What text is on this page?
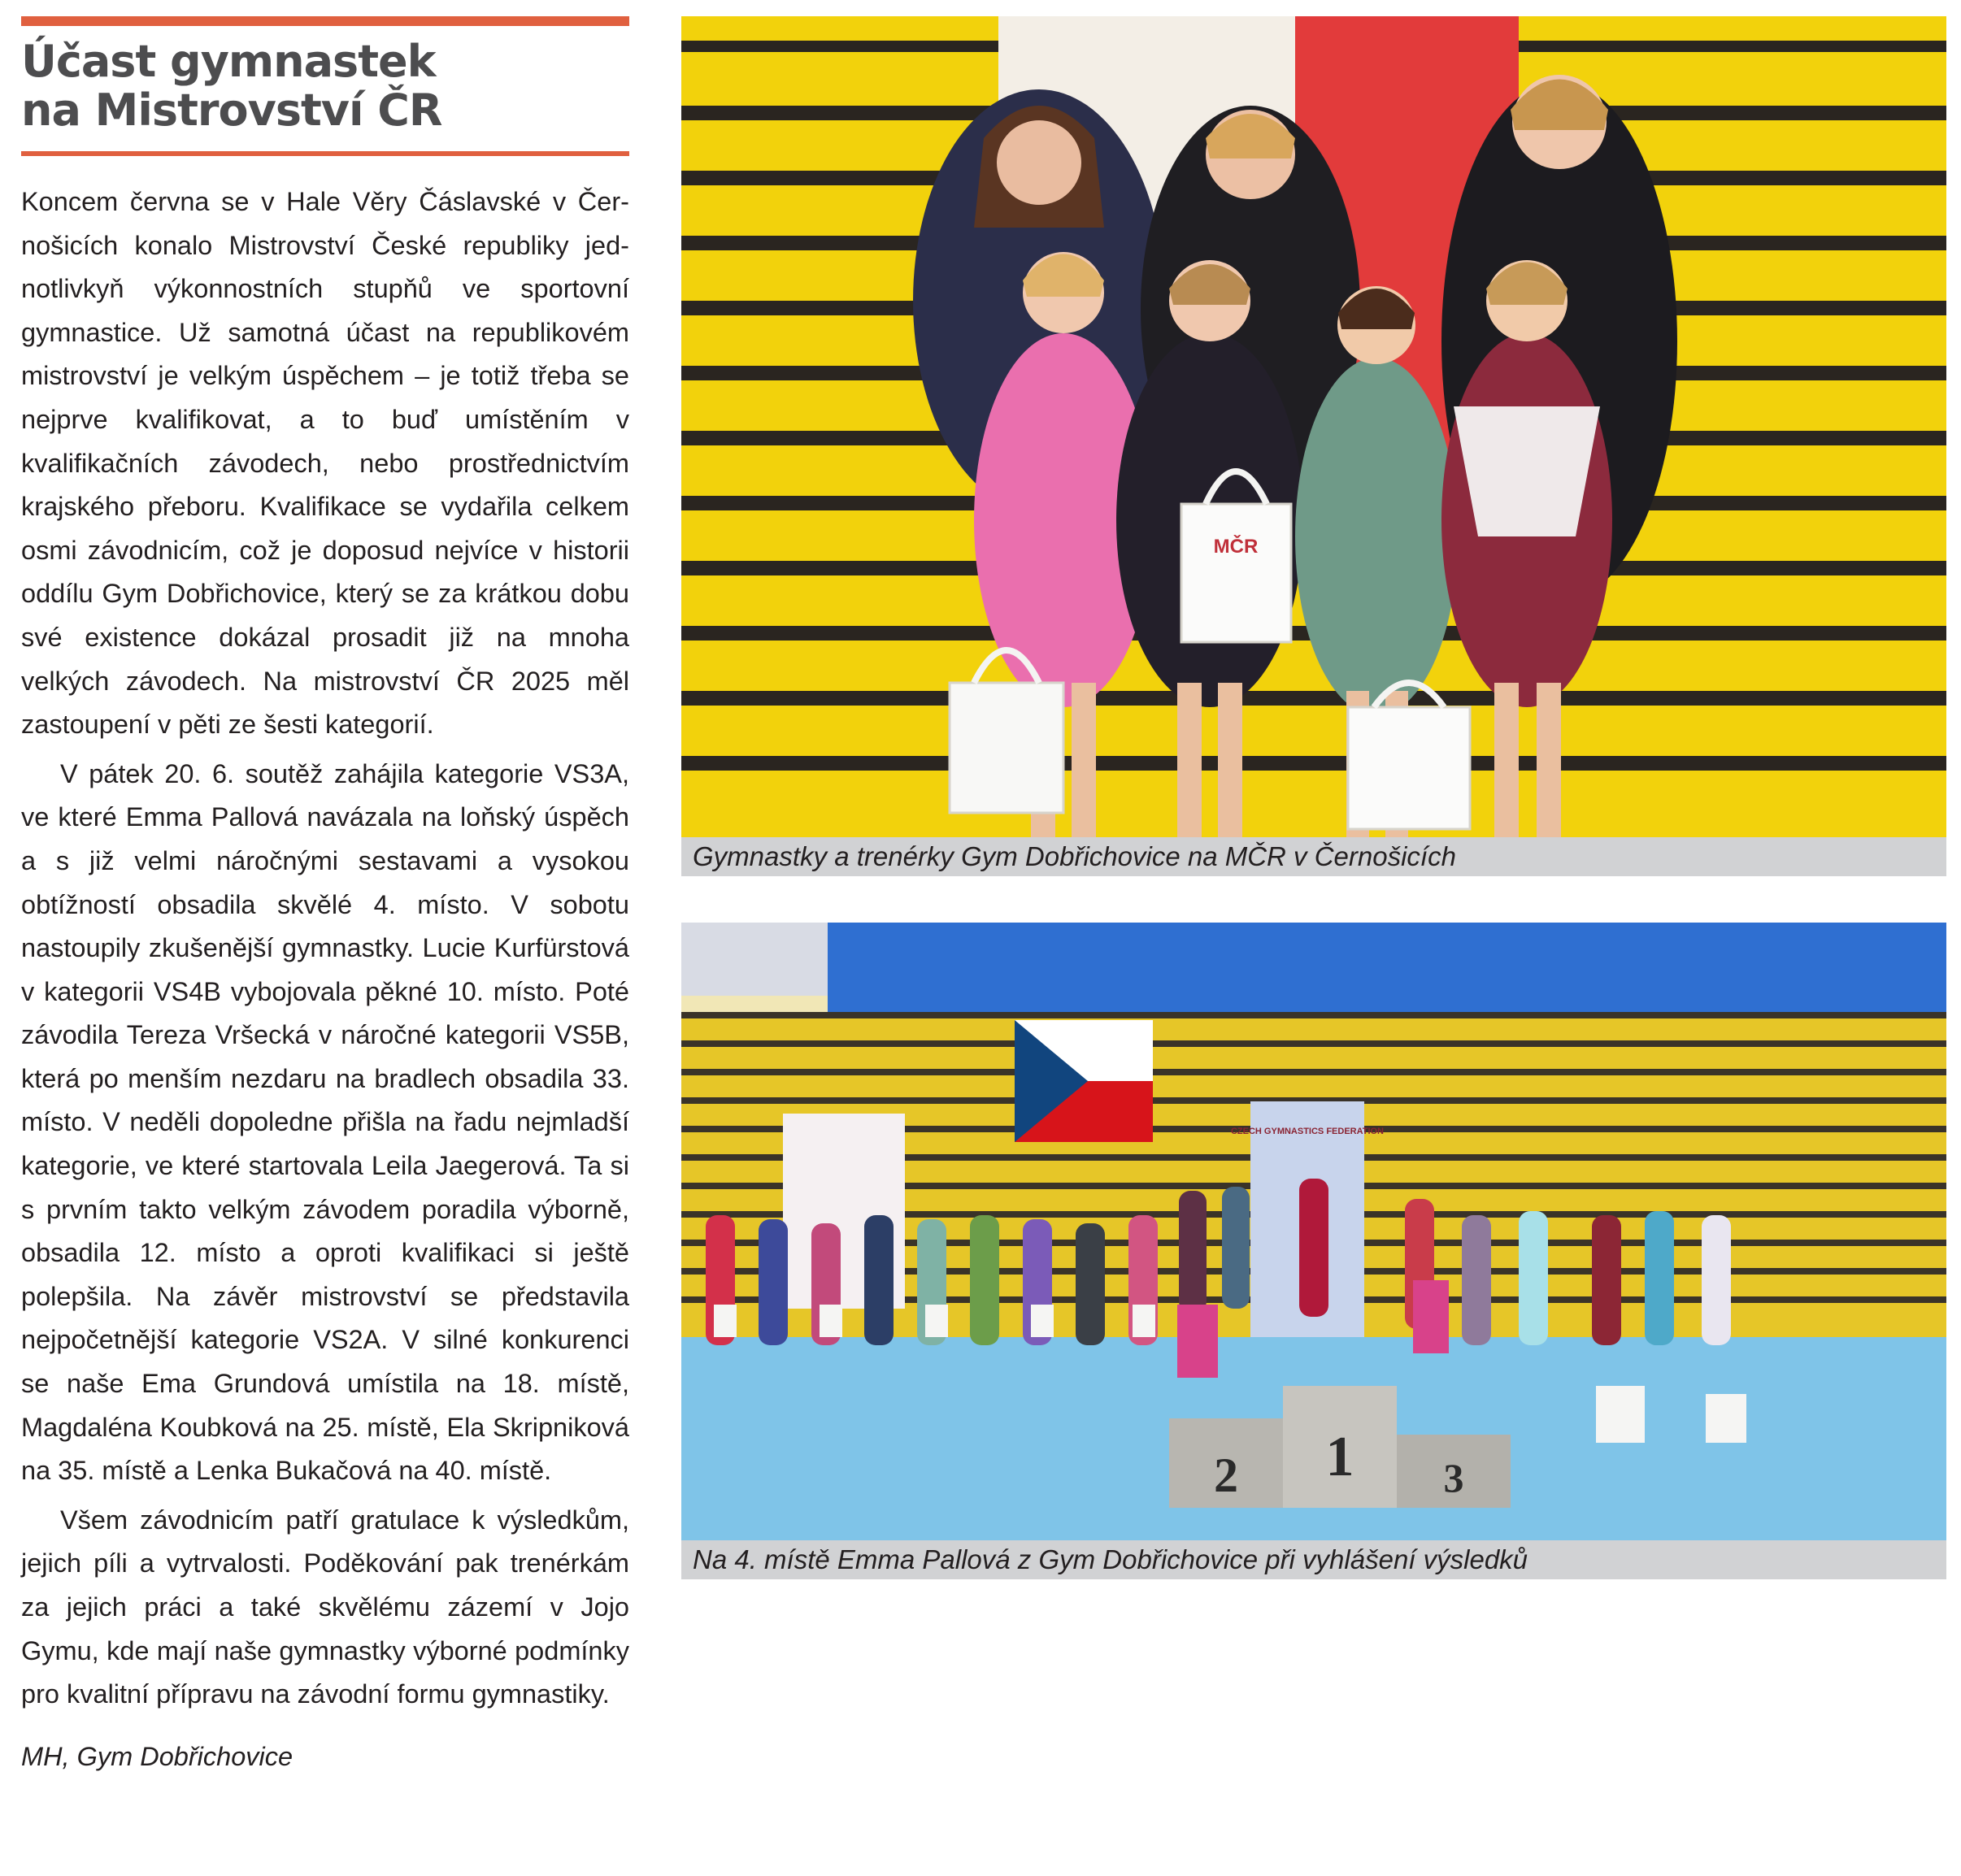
Účast gymnastek
na Mistrovství ČR

Koncem června se v Hale Věry Čáslavské v Černošicích konalo Mistrovství České republiky jednotlivkyň výkonnostních stupňů ve sportovní gymnastice. Už samotná účast na republikovém mistrovství je velkým úspěchem – je totiž třeba se nejprve kvalifikovat, a to buď umístěním v kvalifikačních závodech, nebo prostřednictvím krajského přeboru. Kvalifikace se vydařila celkem osmi závodnicím, což je doposud nejvíce v historii oddílu Gym Dobřichovice, který se za krátkou dobu své existence dokázal prosadit již na mnoha velkých závodech. Na mistrovství ČR 2025 měl zastoupení v pěti ze šesti kategorií.

V pátek 20. 6. soutěž zahájila kategorie VS3A, ve které Emma Pallová navázala na loňský úspěch a s již velmi náročnými sestavami a vysokou obtížností obsadila skvělé 4. místo. V sobotu nastoupily zkušenější gymnastky. Lucie Kurfürstová v kategorii VS4B vybojovala pěkné 10. místo. Poté závodila Tereza Vršecká v náročné kategorii VS5B, která po menším nezdaru na bradlech obsadila 33. místo. V neděli dopoledne přišla na řadu nejmladší kategorie, ve které startovala Leila Jaegerová. Ta si s prvním takto velkým závodem poradila výborně, obsadila 12. místo a oproti kvalifikaci si ještě polepšila. Na závěr mistrovství se představila nejpočetnější kategorie VS2A. V silné konkurenci se naše Ema Grundová umístila na 18. místě, Magdaléna Koubková na 25. místě, Ela Skripniková na 35. místě a Lenka Bukačová na 40. místě.

Všem závodnicím patří gratulace k výsledkům, jejich píli a vytrvalosti. Poděkování pak trenérkám za jejich práci a také skvělému zázemí v Jojo Gymu, kde mají naše gymnastky výborné podmínky pro kvalitní přípravu na závodní formu gymnastiky.

MH, Gym Dobřichovice

MČR
Gymnastky a trenérky Gym Dobřichovice na MČR v Černošicích
CZECH GYMNASTICS FEDERATION
2 1 3
Na 4. místě Emma Pallová z Gym Dobřichovice při vyhlášení výsledků
